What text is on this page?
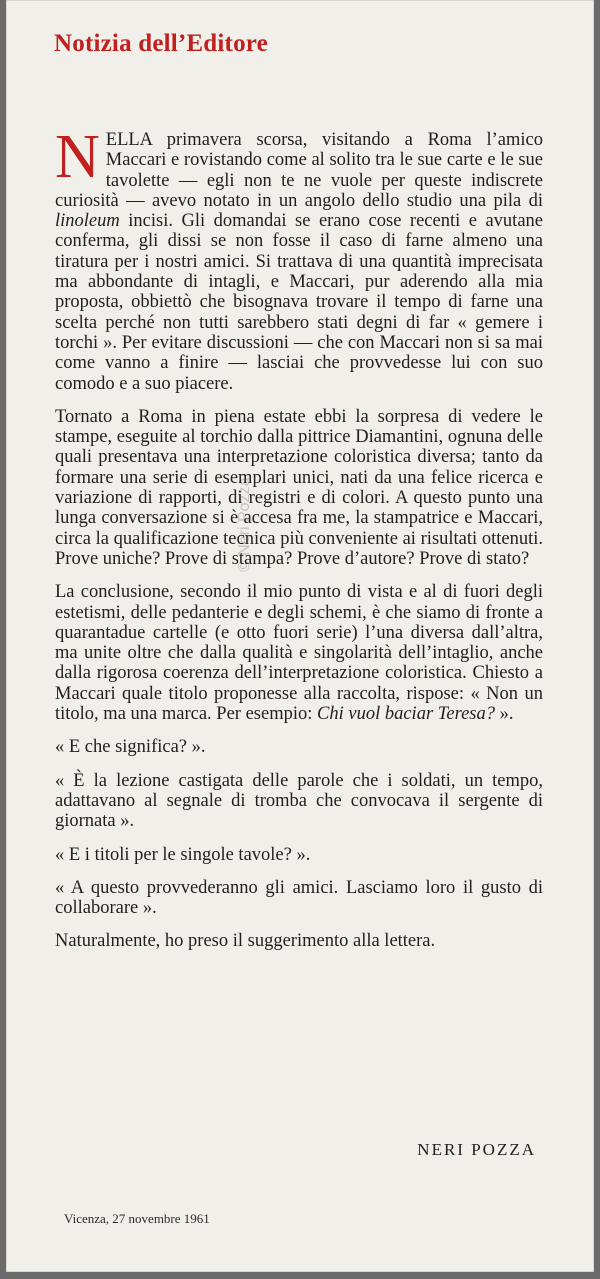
Notizia dell’Editore

NELLA primavera scorsa, visitando a Roma l’amico Maccari e rovistando come al solito tra le sue carte e le sue tavolette — egli non te ne vuole per queste indiscrete curiosità — avevo notato in un angolo dello studio una pila di linoleum incisi. Gli domandai se erano cose recenti e avutane conferma, gli dissi se non fosse il caso di farne almeno una tiratura per i nostri amici. Si trattava di una quantità imprecisata ma abbondante di intagli, e Maccari, pur aderendo alla mia proposta, obbiettò che bisognava trovare il tempo di farne una scelta perché non tutti sarebbero stati degni di far « gemere i torchi ». Per evitare discussioni — che con Maccari non si sa mai come vanno a finire — lasciai che provvedesse lui con suo comodo e a suo piacere.

Tornato a Roma in piena estate ebbi la sorpresa di vedere le stampe, eseguite al torchio dalla pittrice Diamantini, ognuna delle quali presentava una interpretazione coloristica diversa; tanto da formare una serie di esemplari unici, nati da una felice ricerca e variazione di rapporti, di registri e di colori. A questo punto una lunga conversazione si è accesa fra me, la stampatrice e Maccari, circa la qualificazione tecnica più conveniente ai risultati ottenuti. Prove uniche? Prove di stampa? Prove d’autore? Prove di stato?

La conclusione, secondo il mio punto di vista e al di fuori degli estetismi, delle pedanterie e degli schemi, è che siamo di fronte a quarantadue cartelle (e otto fuori serie) l’una diversa dall’altra, ma unite oltre che dalla qualità e singolarità dell’intaglio, anche dalla rigorosa coerenza dell’interpretazione coloristica. Chiesto a Maccari quale titolo proponesse alla raccolta, rispose: « Non un titolo, ma una marca. Per esempio: Chi vuol baciar Teresa? ».

« E che significa? ».

« È la lezione castigata delle parole che i soldati, un tempo, adattavano al segnale di tromba che convocava il sergente di giornata ».

« E i titoli per le singole tavole? ».

« A questo provvederanno gli amici. Lasciamo loro il gusto di collaborare ».

Naturalmente, ho preso il suggerimento alla lettera.

NERI POZZA
Vicenza, 27 novembre 1961
© Neri Pozza
